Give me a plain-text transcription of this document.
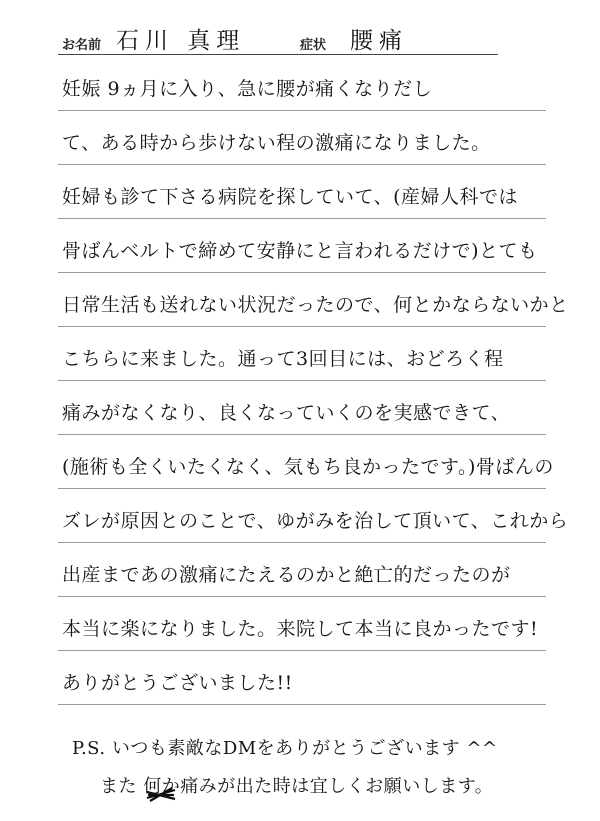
お名前 石川 真理	症状 腰痛
妊娠 9ヵ月に入り、急に腰が痛くなりだし
て、ある時から歩けない程の激痛になりました。
妊婦も診て下さる病院を探していて、(産婦人科では
骨ばんベルトで締めて安静にと言われるだけで)とても
日常生活も送れない状況だったので、何とかならないかと
こちらに来ました。通って3回目には、おどろく程
痛みがなくなり、良くなっていくのを実感できて、
(施術も全くいたくなく、気もち良かったです。)骨ばんの
ズレが原因とのことで、ゆがみを治して頂いて、これから
出産まであの激痛にたえるのかと絶亡的だったのが
本当に楽になりました。来院して本当に良かったです!
ありがとうございました!!
P.S. いつも素敵なDMをありがとうございます ^^
また 何か痛みが出た時は宜しくお願いします。
